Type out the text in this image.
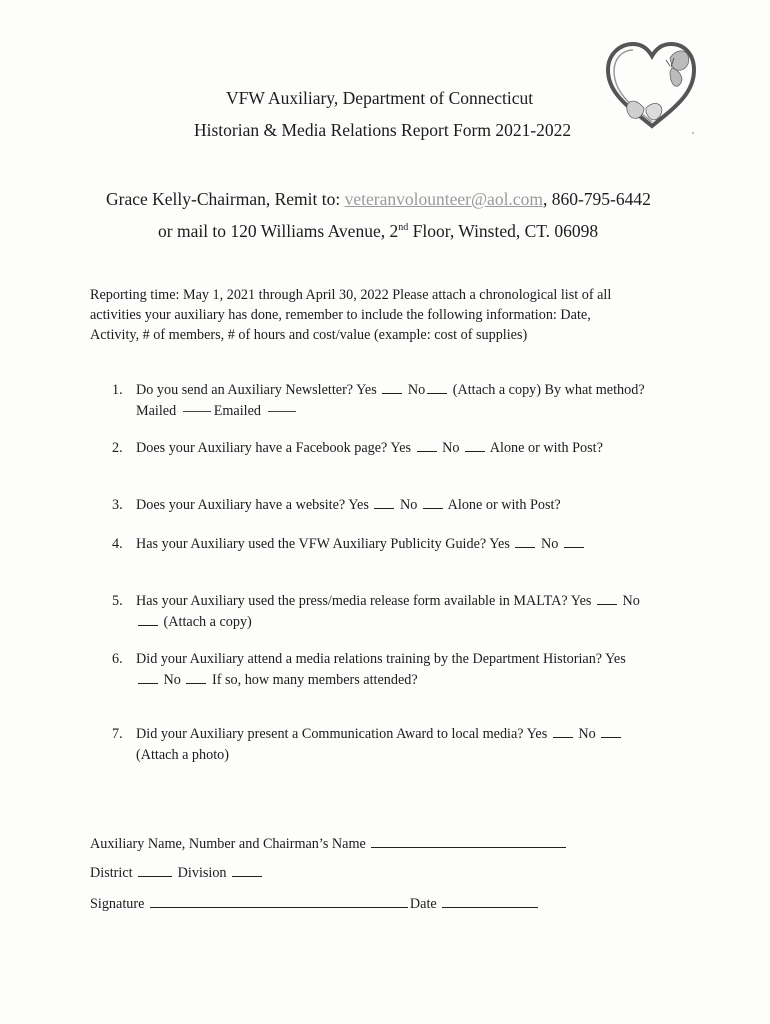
VFW Auxiliary, Department of Connecticut
Historian & Media Relations Report Form 2021-2022
Grace Kelly-Chairman, Remit to: veteranvolounteer@aol.com, 860-795-6442
or mail to 120 Williams Avenue, 2nd Floor, Winsted, CT. 06098
Reporting time: May 1, 2021 through April 30, 2022 Please attach a chronological list of all
activities your auxiliary has done, remember to include the following information: Date,
Activity, # of members, # of hours and cost/value (example: cost of supplies)
1. Do you send an Auxiliary Newsletter? Yes No (Attach a copy) By what method?
Mailed	Emailed
2. Does your Auxiliary have a Facebook page? Yes No Alone or with Post?
3. Does your Auxiliary have a website? Yes No Alone or with Post?
4. Has your Auxiliary used the VFW Auxiliary Publicity Guide? Yes No
5. Has your Auxiliary used the press/media release form available in MALTA? Yes No
(Attach a copy)
6. Did your Auxiliary attend a media relations training by the Department Historian? Yes
No If so, how many members attended?
7. Did your Auxiliary present a Communication Award to local media? Yes No
(Attach a photo)
Auxiliary Name, Number and Chairman’s Name
District	Division
Signature	Date
